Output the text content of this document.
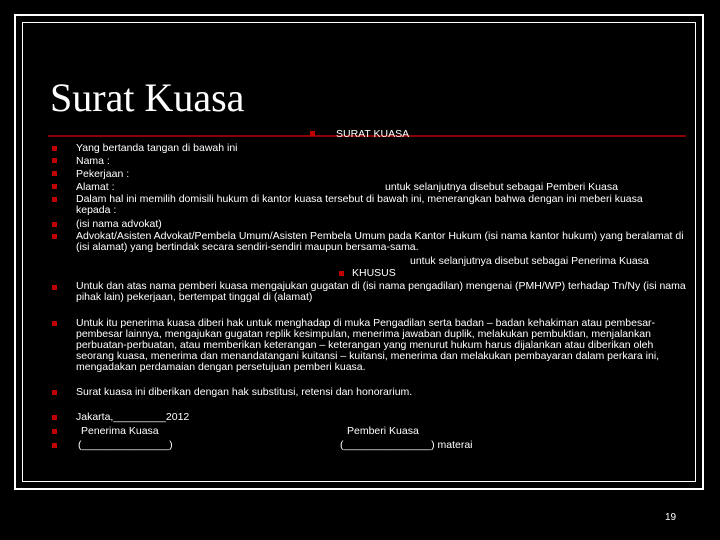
Surat Kuasa
SURAT KUASA
Yang bertanda tangan di bawah ini
Nama :
Pekerjaan :
Alamat :	untuk selanjutnya disebut sebagai Pemberi Kuasa
Dalam hal ini memilih domisili hukum di kantor kuasa tersebut di bawah ini, menerangkan bahwa dengan ini meberi kuasa kepada :
(isi nama advokat)
Advokat/Asisten Advokat/Pembela Umum/Asisten Pembela Umum pada Kantor Hukum (isi nama kantor hukum) yang beralamat di (isi alamat) yang bertindak secara sendiri-sendiri maupun bersama-sama.
untuk selanjutnya disebut sebagai Penerima Kuasa
KHUSUS
Untuk dan atas nama pemberi kuasa mengajukan gugatan di (isi nama pengadilan) mengenai (PMH/WP) terhadap Tn/Ny (isi nama pihak lain) pekerjaan, bertempat tinggal di (alamat)
Untuk itu penerima kuasa diberi hak untuk menghadap di muka Pengadilan serta badan – badan kehakiman atau pembesar-pembesar lainnya, mengajukan gugatan replik kesimpulan, menerima jawaban duplik, melakukan pembuktian, menjalankan perbuatan-perbuatan, atau memberikan keterangan – keterangan yang menurut hukum harus dijalankan atau diberikan oleh seorang kuasa, menerima dan menandatangani kuitansi – kuitansi, menerima dan melakukan pembayaran dalam perkara ini, mengadakan perdamaian dengan persetujuan pemberi kuasa.
Surat kuasa ini diberikan dengan hak substitusi, retensi dan honorarium.
Jakarta,_________2012
Penerima Kuasa	Pemberi Kuasa
(_______________)	(_______________) materai
19
